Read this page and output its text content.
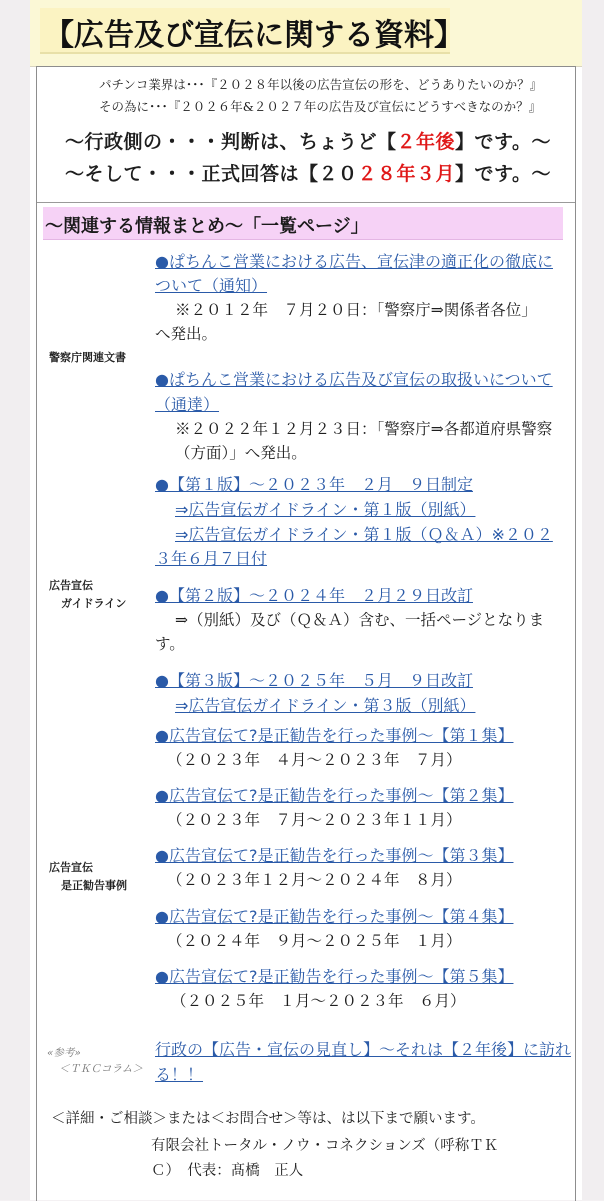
【広告及び宣伝に関する資料】
パチンコ業界は･･･『２０２８年以後の広告宣伝の形を、どうありたいのか？』
その為に･･･『２０２６年&２０２７年の広告及び宣伝にどうすべきなのか？』
〜行政側の・・・判断は、ちょうど【２年後】です。〜
〜そして・・・正式回答は【２０２８年３月】です。〜
〜関連する情報まとめ〜「一覧ページ」
警察庁関連文書
広告宣伝
ガイドライン
広告宣伝
是正勧告事例
«参考»
＜ＴＫＣコラム＞
●ぱちんこ営業における広告、宣伝津の適正化の徹底に
ついて（通知）
※２０１２年　７月２０日：「警察庁⇒関係者各位」
へ発出。
●ぱちんこ営業における広告及び宣伝の取扱いについて
（通達）
※２０２２年１２月２３日：「警察庁⇒各都道府県警察
（方面）」へ発出。
●【第１版】〜２０２３年　２月　９日制定
⇒広告宣伝ガイドライン・第１版（別紙）
⇒広告宣伝ガイドライン・第１版（Ｑ＆Ａ）※２０２
３年６月７日付
●【第２版】〜２０２４年　２月２９日改訂
⇒（別紙）及び（Ｑ＆Ａ）含む、一括ページとなりま
す。
●【第３版】〜２０２５年　５月　９日改訂
⇒広告宣伝ガイドライン・第３版（別紙）
●広告宣伝て?是正勧告を行った事例〜【第１集】
（２０２３年　４月〜２０２３年　７月）
●広告宣伝て?是正勧告を行った事例〜【第２集】
（２０２３年　７月〜２０２３年１１月）
●広告宣伝て?是正勧告を行った事例〜【第３集】
（２０２３年１２月〜２０２４年　８月）
●広告宣伝て?是正勧告を行った事例〜【第４集】
（２０２４年　９月〜２０２５年　１月）
●広告宣伝て?是正勧告を行った事例〜【第５集】
（２０２５年　１月〜２０２３年　６月）
行政の【広告・宣伝の見直し】〜それは【２年後】に訪れ
る！！
＜詳細・ご相談＞または＜お問合せ＞等は、は以下まで願います。
有限会社トータル・ノウ・コネクションズ（呼称ＴＫ
Ｃ）　代表：髙橋　正人
